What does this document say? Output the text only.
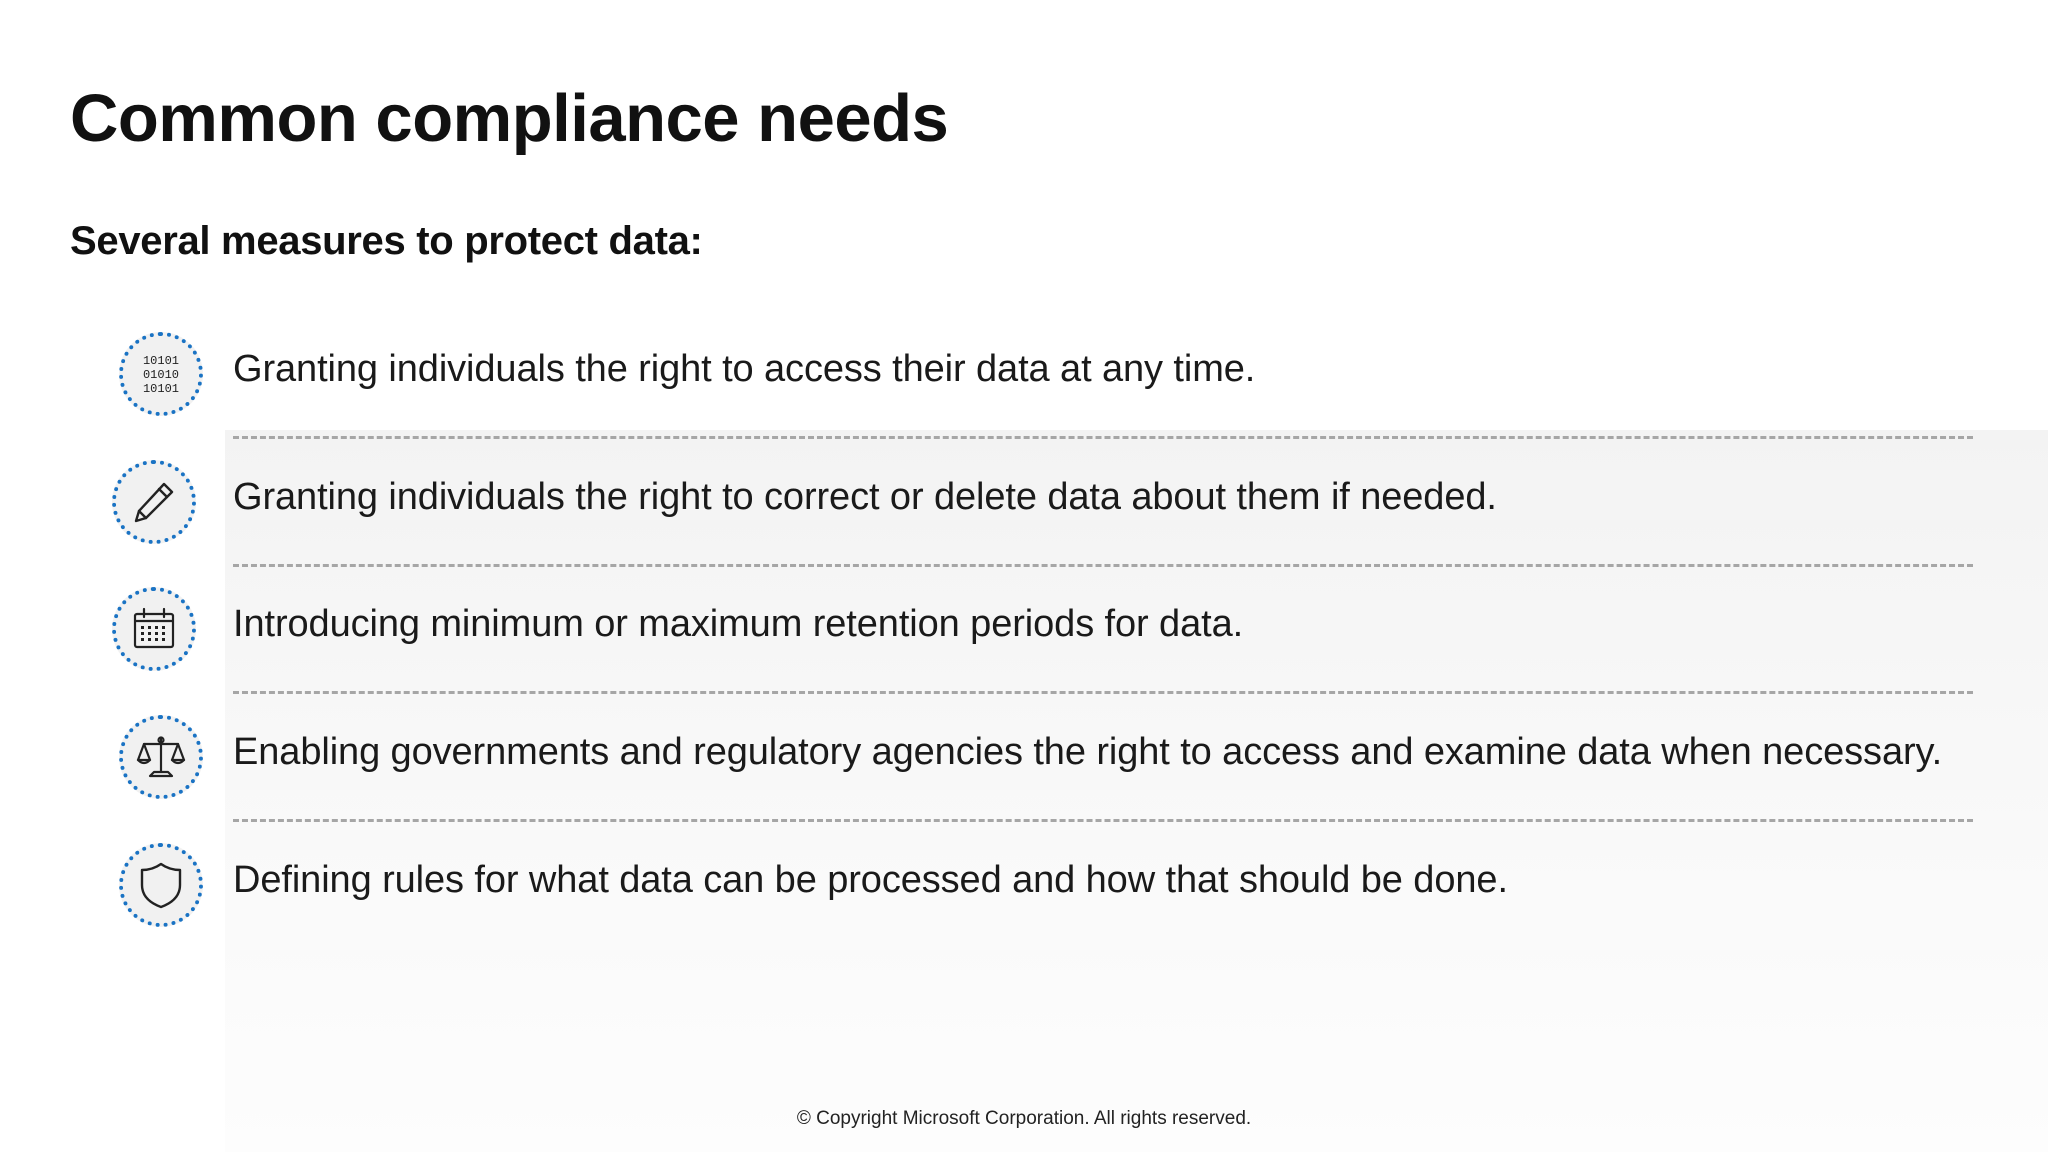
Common compliance needs
Several measures to protect data:
10101
01010
10101 Granting individuals the right to access their data at any time.
Granting individuals the right to correct or delete data about them if needed.
Introducing minimum or maximum retention periods for data.
Enabling governments and regulatory agencies the right to access and examine data when necessary.
Defining rules for what data can be processed and how that should be done.
© Copyright Microsoft Corporation. All rights reserved.
